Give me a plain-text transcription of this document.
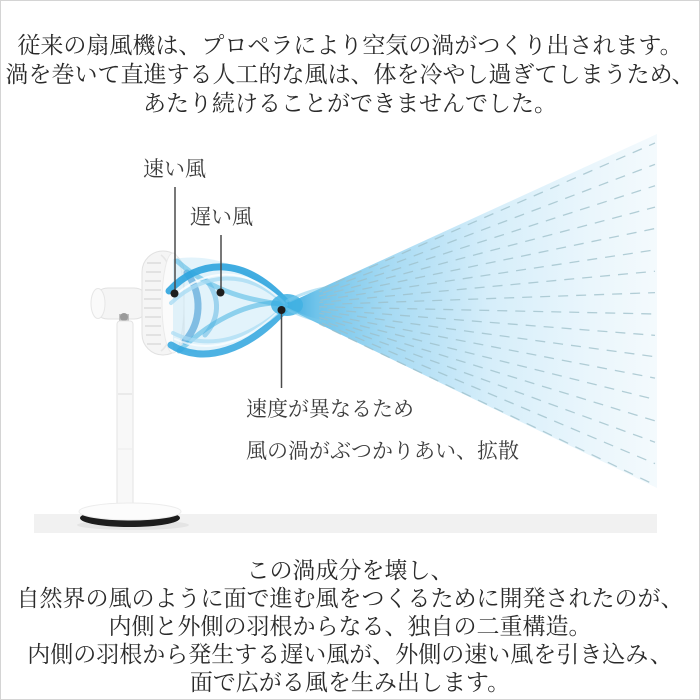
従来の扇風機は、プロペラにより空気の渦がつくり出されます。
渦を巻いて直進する人工的な風は、体を冷やし過ぎてしまうため、
あたり続けることができませんでした。
速い風
遅い風
速度が異なるため
風の渦がぶつかりあい、拡散
この渦成分を壊し、
自然界の風のように面で進む風をつくるために開発されたのが、
内側と外側の羽根からなる、独自の二重構造。
内側の羽根から発生する遅い風が、外側の速い風を引き込み、
面で広がる風を生み出します。
